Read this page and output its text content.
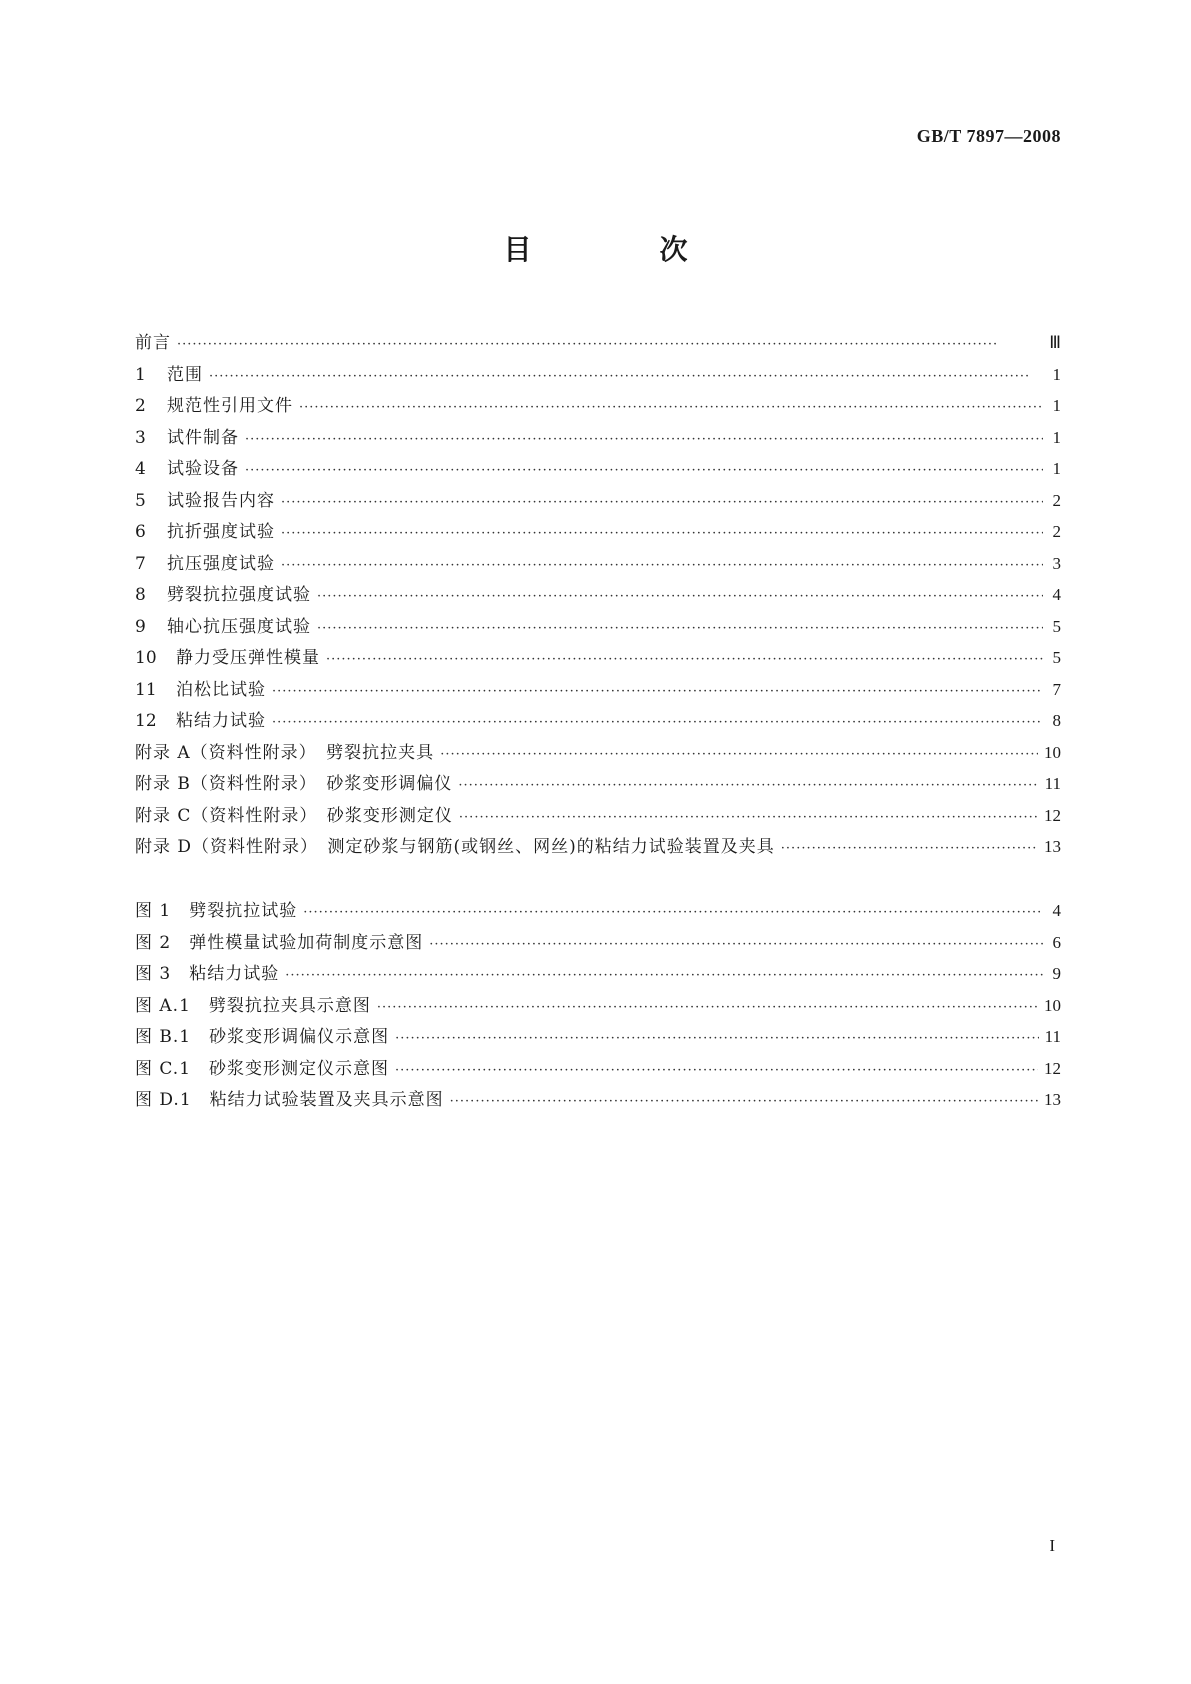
GB/T 7897—2008
目　次
前言 ·····	Ⅲ
1	范围 ·····	1
2	规范性引用文件 ·····	1
3	试件制备 ·····	1
4	试验设备 ·····	1
5	试验报告内容 ·····	2
6	抗折强度试验 ·····	2
7	抗压强度试验 ·····	3
8	劈裂抗拉强度试验 ·····	4
9	轴心抗压强度试验 ·····	5
10	静力受压弹性模量 ·····	5
11	泊松比试验 ·····	7
12	粘结力试验 ·····	8
附录 A（资料性附录）　劈裂抗拉夹具 ·····	10
附录 B（资料性附录）　砂浆变形调偏仪 ·····	11
附录 C（资料性附录）　砂浆变形测定仪 ·····	12
附录 D（资料性附录）　测定砂浆与钢筋(或钢丝、网丝)的粘结力试验装置及夹具 ·····	13
图 1　劈裂抗拉试验 ·····	4
图 2　弹性模量试验加荷制度示意图 ·····	6
图 3　粘结力试验 ·····	9
图 A.1　劈裂抗拉夹具示意图 ·····	10
图 B.1　砂浆变形调偏仪示意图 ·····	11
图 C.1　砂浆变形测定仪示意图 ·····	12
图 D.1　粘结力试验装置及夹具示意图 ·····	13
I
